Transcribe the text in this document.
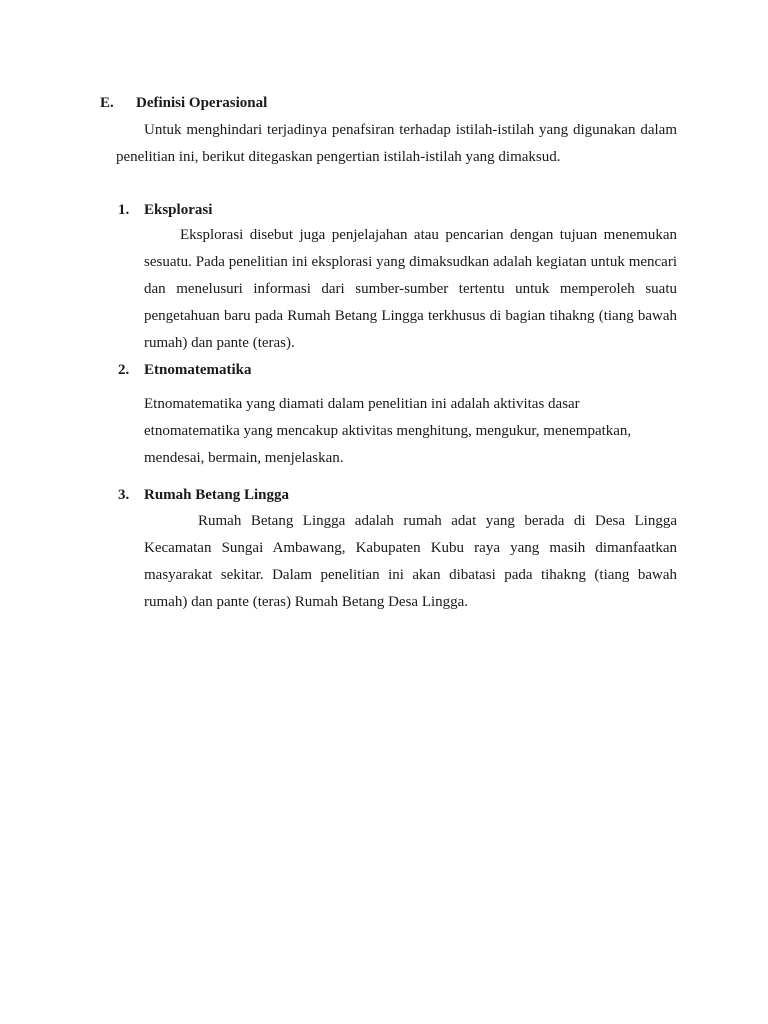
E. Definisi Operasional

Untuk menghindari terjadinya penafsiran terhadap istilah-istilah yang digunakan dalam penelitian ini, berikut ditegaskan pengertian istilah-istilah yang dimaksud.

1. Eksplorasi

Eksplorasi disebut juga penjelajahan atau pencarian dengan tujuan menemukan sesuatu. Pada penelitian ini eksplorasi yang dimaksudkan adalah kegiatan untuk mencari dan menelusuri informasi dari sumber-sumber tertentu untuk memperoleh suatu pengetahuan baru pada Rumah Betang Lingga terkhusus di bagian tihakng (tiang bawah rumah) dan pante (teras).

2. Etnomatematika

Etnomatematika yang diamati dalam penelitian ini adalah aktivitas dasar etnomatematika yang mencakup aktivitas menghitung, mengukur, menempatkan, mendesai, bermain, menjelaskan.

3. Rumah Betang Lingga

Rumah Betang Lingga adalah rumah adat yang berada di Desa Lingga Kecamatan Sungai Ambawang, Kabupaten Kubu raya yang masih dimanfaatkan masyarakat sekitar. Dalam penelitian ini akan dibatasi pada tihakng (tiang bawah rumah) dan pante (teras) Rumah Betang Desa Lingga.
